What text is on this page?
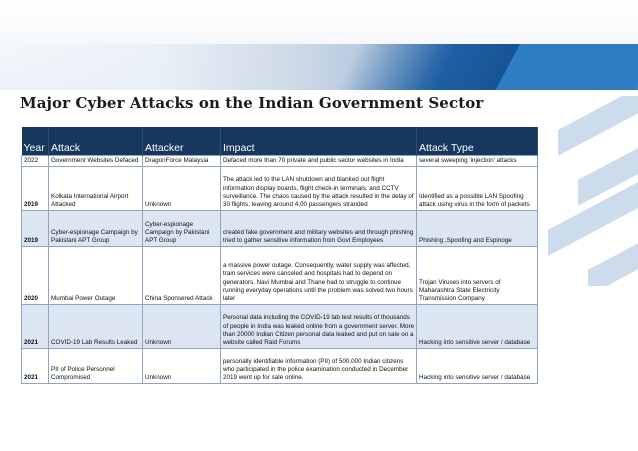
Major Cyber Attacks on the Indian Government Sector
Year	Attack	Attacker	Impact	Attack Type
2022	Government Websites Defaced	DragonForce Malaysia	Defaced more than 70 private and public sector websites in India	several sweeping 'injection' attacks
2019	Kolkata International Airport Attacked	Unknown	The attack led to the LAN shutdown and blanked out flight information display boards, flight check-in terminals, and CCTV surveillance. The chaos caused by the attack resulted in the delay of 30 flights, leaving around 4,00 passengers stranded	Identified as a possible LAN Spoofing attack using virus in the form of packets
2019	Cyber-espionage Campaign by Pakistani APT Group	Cyber-espionage Campaign by Pakistani APT Group	created fake government and military websites and through phishing tried to gather sensitive information from Govt Employees	Phishing ,Spoofing and Espinoge
2020	Mumbai Power Outage	China Sponsered Attack	a massive power outage. Consequently, water supply was affected, train services were canceled and hospitals had to depend on generators. Navi Mumbai and Thane had to struggle to continue running everyday operations until the problem was solved two hours later	Trojan Viruses into servers of Maharashtra State Electricity Transmission Company
2021	COVID-19 Lab Results Leaked	Unknown	Personal data including the COVID-19 lab test results of thousands of people in India was leaked online from a government server. More than 20000 Indian Citizen personal data leaked and put on sale on a website called Raid Forums	Hacking into sensitive server / database
2021	PII of Police Personnel Compromised	Unknown	personally identifiable information (PII) of 500,000 Indian citizens who participated in the police examination conducted in December 2019 went up for sale online.	Hacking into sensitive server / database
